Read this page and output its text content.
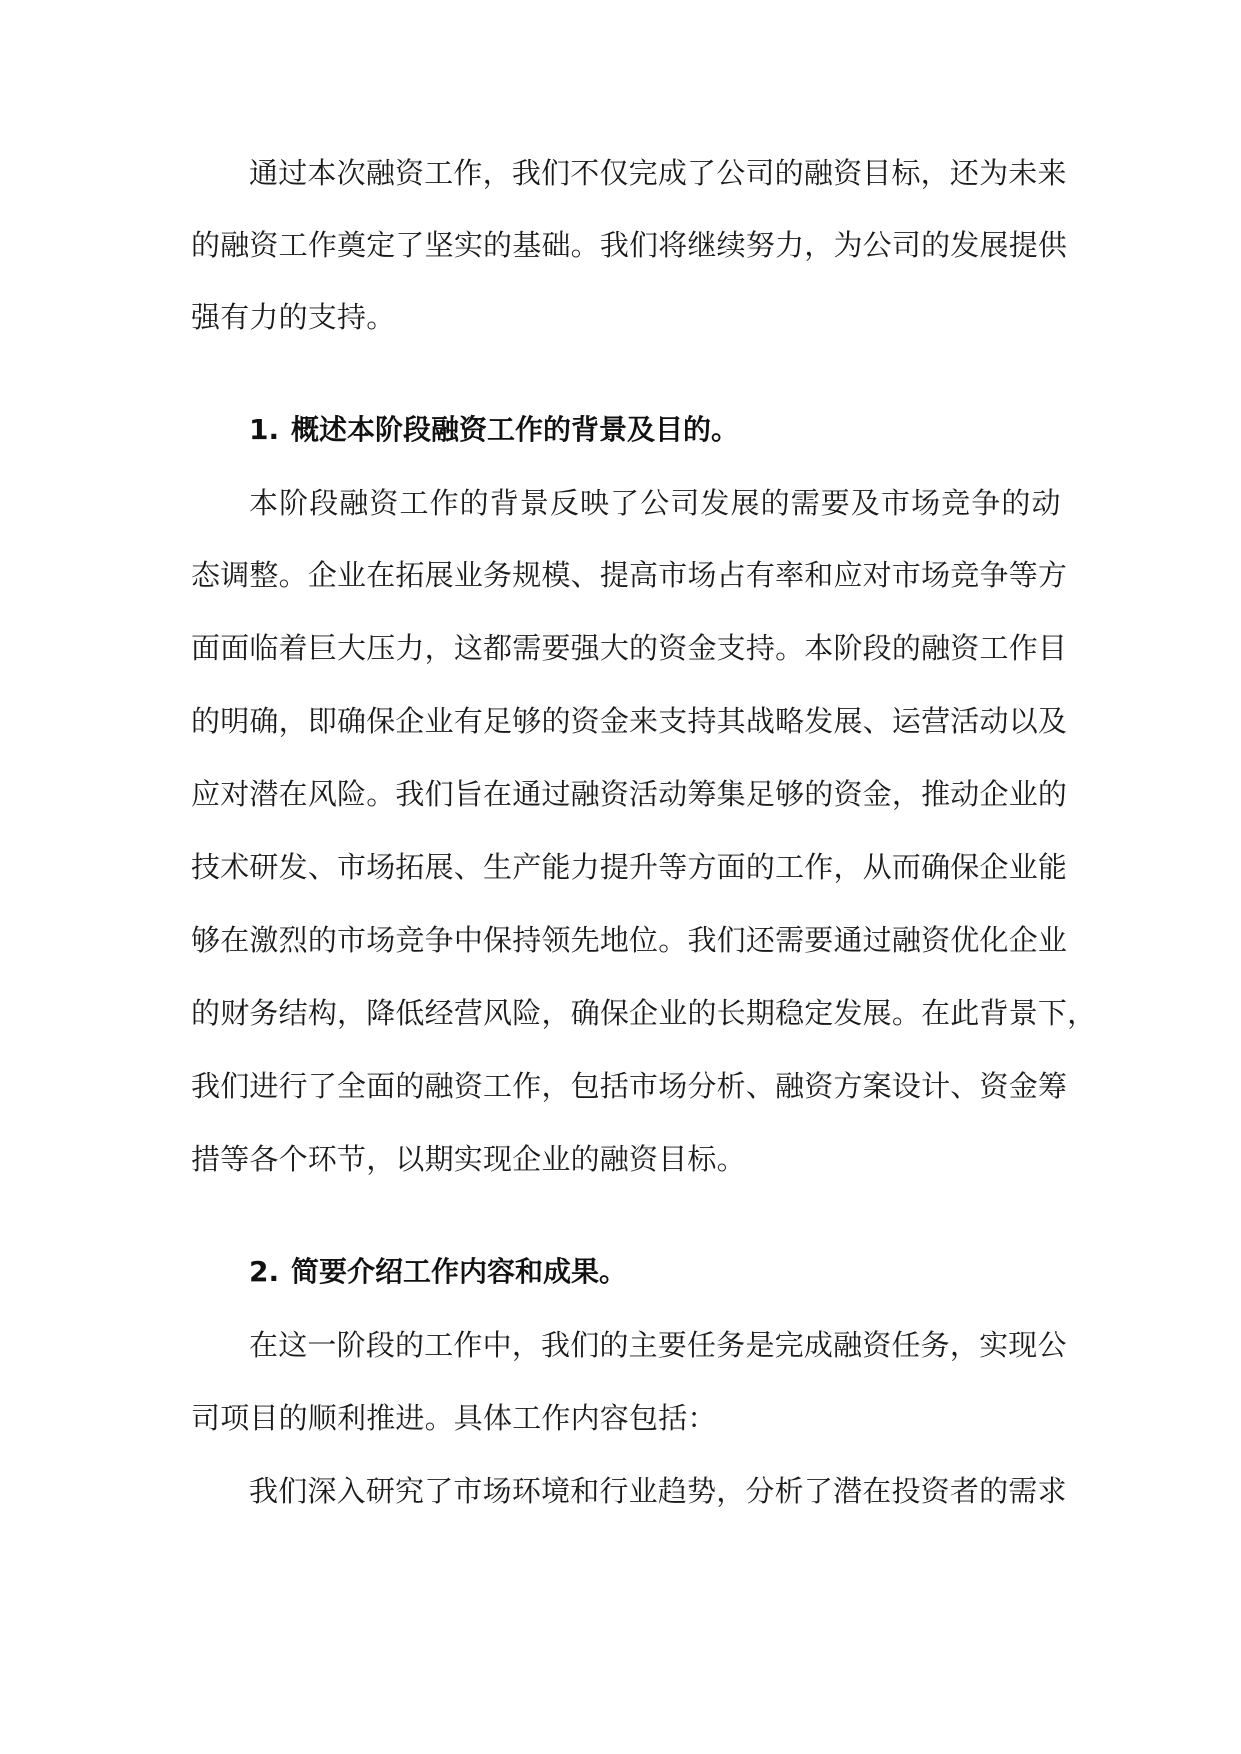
通 过 本 次 融 资 工 作 ， 我 们 不 仅 完 成 了 公 司 的 融 资 目 标 ， 还 为 未 来
的 融 资 工 作 奠 定 了 坚 实 的 基 础 。 我 们 将 继 续 努 力 ， 为 公 司 的 发 展 提 供
强有力的支持。
1. 概述本阶段融资工作的背景及目的。
本 阶 段 融 资 工 作 的 背 景 反 映 了 公 司 发 展 的 需 要 及 市 场 竞 争 的 动
态 调 整 。 企 业 在 拓 展 业 务 规 模 、 提 高 市 场 占 有 率 和 应 对 市 场 竞 争 等 方
面 面 临 着 巨 大 压 力 ， 这 都 需 要 强 大 的 资 金 支 持 。 本 阶 段 的 融 资 工 作 目
的 明 确 ， 即 确 保 企 业 有 足 够 的 资 金 来 支 持 其 战 略 发 展 、 运 营 活 动 以 及
应 对 潜 在 风 险 。 我 们 旨 在 通 过 融 资 活 动 筹 集 足 够 的 资 金 ， 推 动 企 业 的
技 术 研 发 、 市 场 拓 展 、 生 产 能 力 提 升 等 方 面 的 工 作 ， 从 而 确 保 企 业 能
够 在 激 烈 的 市 场 竞 争 中 保 持 领 先 地 位 。 我 们 还 需 要 通 过 融 资 优 化 企 业
的 财 务 结 构 ， 降 低 经 营 风 险 ， 确 保 企 业 的 长 期 稳 定 发 展 。 在 此 背 景 下 ，
我 们 进 行 了 全 面 的 融 资 工 作 ， 包 括 市 场 分 析 、 融 资 方 案 设 计 、 资 金 筹
措等各个环节，以期实现企业的融资目标。
2. 简要介绍工作内容和成果。
在 这 一 阶 段 的 工 作 中 ， 我 们 的 主 要 任 务 是 完 成 融 资 任 务 ， 实 现 公
司项目的顺利推进。具体工作内容包括：
我 们 深 入 研 究 了 市 场 环 境 和 行 业 趋 势 ， 分 析 了 潜 在 投 资 者 的 需 求
